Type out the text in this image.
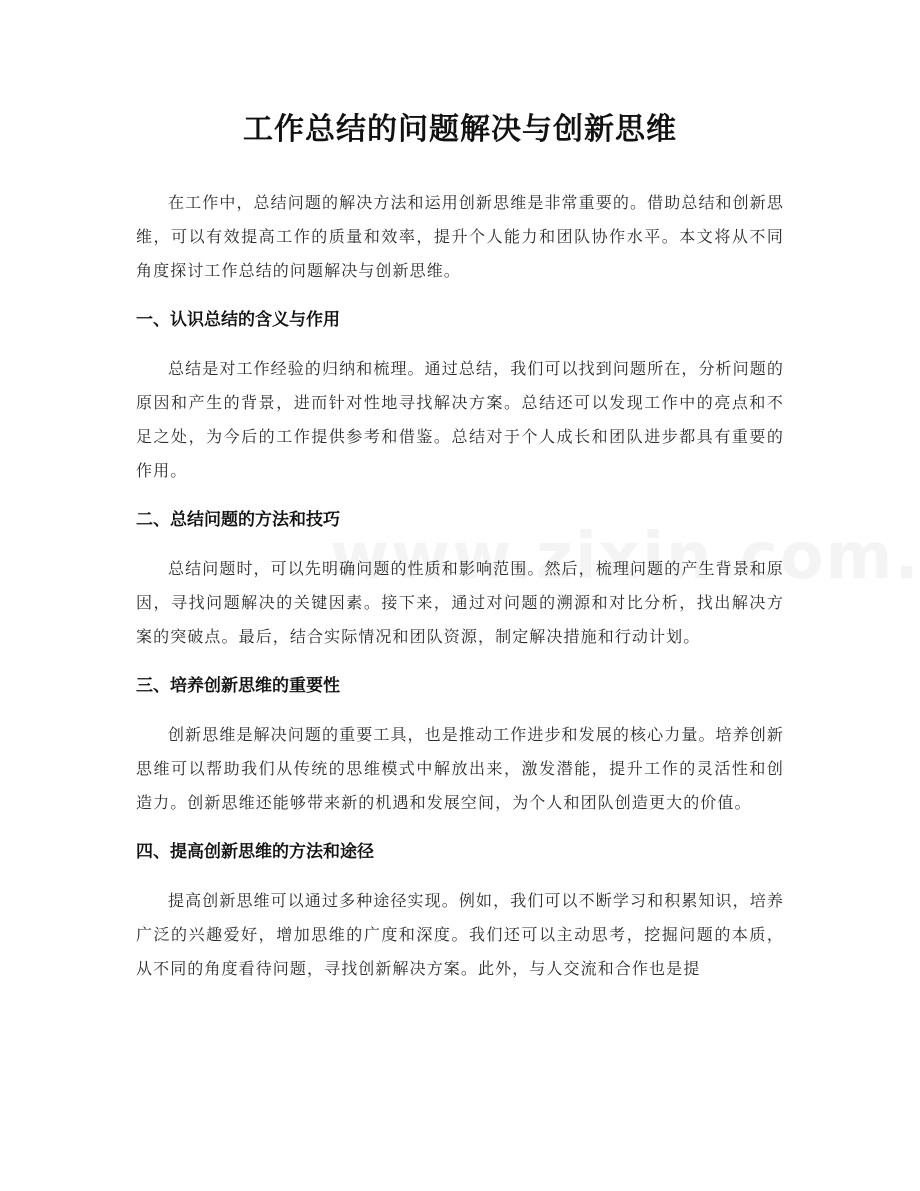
工作总结的问题解决与创新思维

在工作中，总结问题的解决方法和运用创新思维是非常重要的。借助总结和创新思维，可以有效提高工作的质量和效率，提升个人能力和团队协作水平。本文将从不同角度探讨工作总结的问题解决与创新思维。

一、认识总结的含义与作用

总结是对工作经验的归纳和梳理。通过总结，我们可以找到问题所在，分析问题的原因和产生的背景，进而针对性地寻找解决方案。总结还可以发现工作中的亮点和不足之处，为今后的工作提供参考和借鉴。总结对于个人成长和团队进步都具有重要的作用。

二、总结问题的方法和技巧

总结问题时，可以先明确问题的性质和影响范围。然后，梳理问题的产生背景和原因，寻找问题解决的关键因素。接下来，通过对问题的溯源和对比分析，找出解决方案的突破点。最后，结合实际情况和团队资源，制定解决措施和行动计划。

三、培养创新思维的重要性

创新思维是解决问题的重要工具，也是推动工作进步和发展的核心力量。培养创新思维可以帮助我们从传统的思维模式中解放出来，激发潜能，提升工作的灵活性和创造力。创新思维还能够带来新的机遇和发展空间，为个人和团队创造更大的价值。

四、提高创新思维的方法和途径

提高创新思维可以通过多种途径实现。例如，我们可以不断学习和积累知识，培养广泛的兴趣爱好，增加思维的广度和深度。我们还可以主动思考，挖掘问题的本质，从不同的角度看待问题，寻找创新解决方案。此外，与人交流和合作也是提
